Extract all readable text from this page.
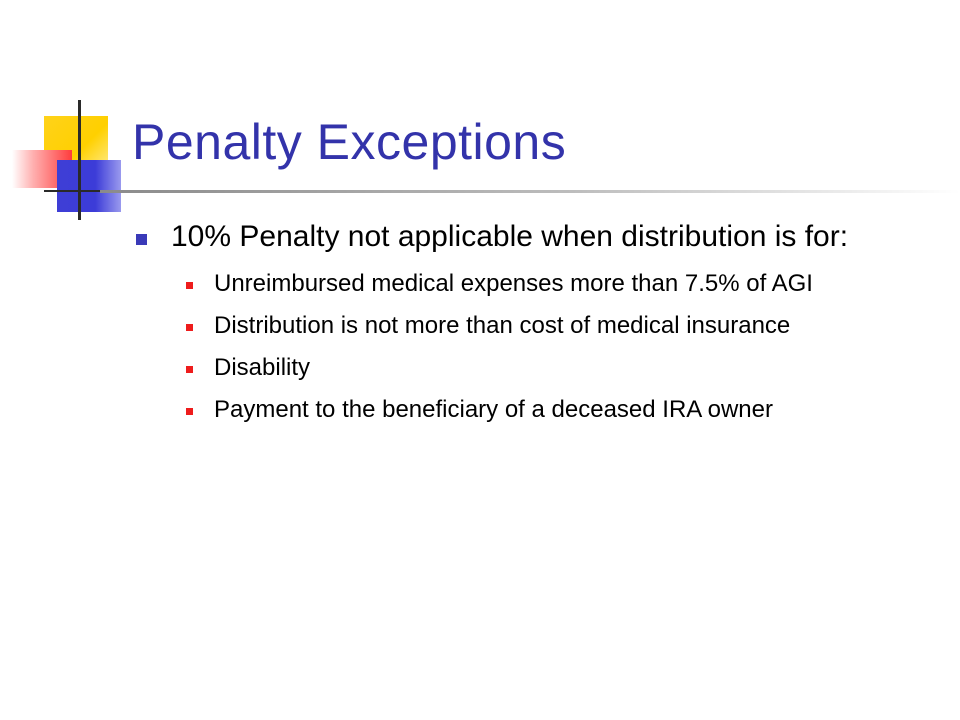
Penalty Exceptions
10% Penalty not applicable when distribution is for:
Unreimbursed medical expenses more than 7.5% of AGI
Distribution is not more than cost of medical insurance
Disability
Payment to the beneficiary of a deceased IRA owner
